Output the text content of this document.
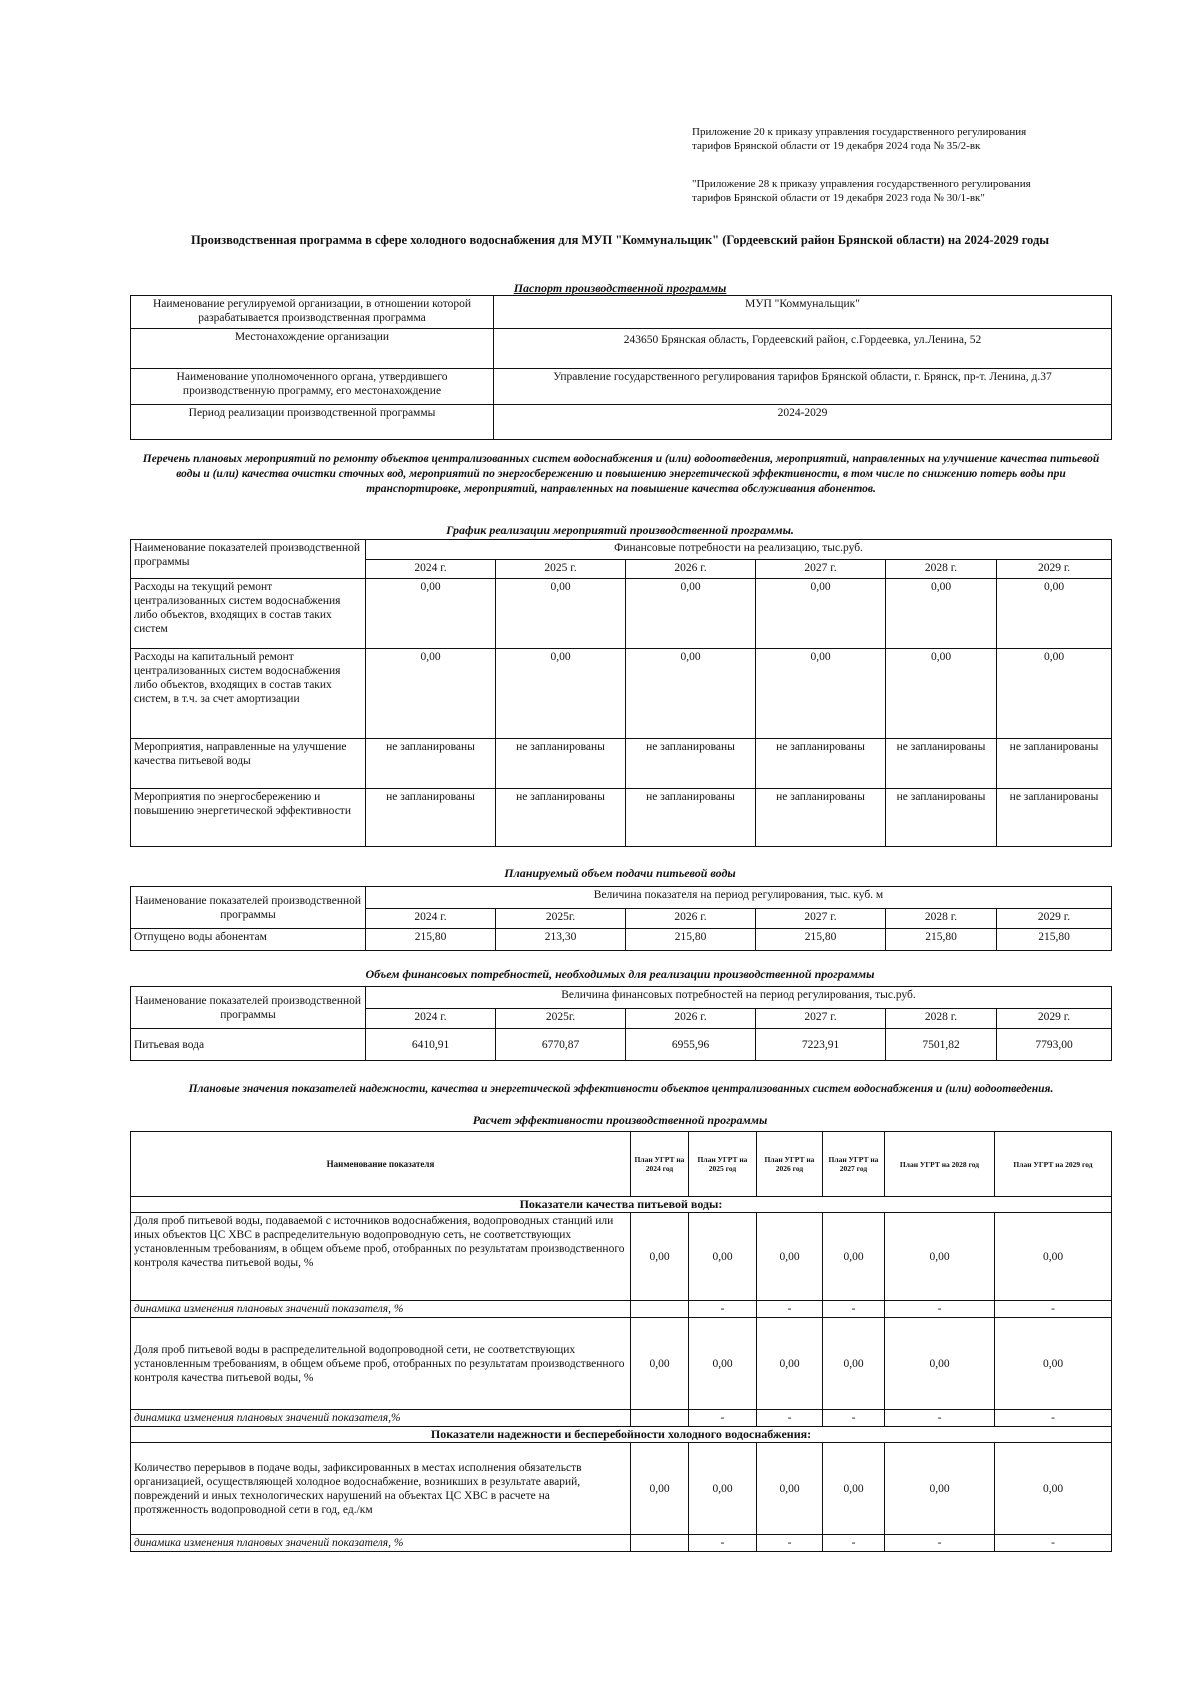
Приложение 20 к приказу управления государственного регулирования
тарифов Брянской области от 19 декабря 2024 года № 35/2-вк
"Приложение 28 к приказу управления государственного регулирования
тарифов Брянской области от 19 декабря 2023 года № 30/1-вк"
Производственная программа в сфере холодного водоснабжения для МУП "Коммунальщик" (Гордеевский район Брянской области) на 2024-2029 годы
Паспорт производственной программы
Наименование регулируемой организации, в отношении которой разрабатывается производственная программа	МУП "Коммунальщик"
Местонахождение организации	243650 Брянская область, Гордеевский район, с.Гордеевка, ул.Ленина, 52
Наименование уполномоченного органа, утвердившего производственную программу, его местонахождение	Управление государственного регулирования тарифов Брянской области, г. Брянск, пр-т. Ленина, д.37
Период реализации производственной программы	2024-2029
Перечень плановых мероприятий по ремонту объектов централизованных систем водоснабжения и (или) водоотведения, мероприятий, направленных на улучшение качества питьевой воды и (или) качества очистки сточных вод, мероприятий по энергосбережению и повышению энергетической эффективности, в том числе по снижению потерь воды при транспортировке, мероприятий, направленных на повышение качества обслуживания абонентов.
График реализации мероприятий производственной программы.
Наименование показателей производственной программы	Финансовые потребности на реализацию, тыс.руб.					
	2024 г.	2025 г.	2026 г.	2027 г.	2028 г.	2029 г.
Расходы на текущий ремонт централизованных систем водоснабжения либо объектов, входящих в состав таких систем	0,00	0,00	0,00	0,00	0,00	0,00
Расходы на капитальный ремонт централизованных систем водоснабжения либо объектов, входящих в состав таких систем, в т.ч. за счет амортизации	0,00	0,00	0,00	0,00	0,00	0,00
Мероприятия, направленные на улучшение качества питьевой воды	не запланированы	не запланированы	не запланированы	не запланированы	не запланированы	не запланированы
Мероприятия по энергосбережению и повышению энергетической эффективности	не запланированы	не запланированы	не запланированы	не запланированы	не запланированы	не запланированы
Планируемый объем подачи питьевой воды
Наименование показателей производственной программы	Величина показателя на период регулирования, тыс. куб. м					
	2024 г.	2025г.	2026 г.	2027 г.	2028 г.	2029 г.
Отпущено воды абонентам	215,80	213,30	215,80	215,80	215,80	215,80
Объем финансовых потребностей, необходимых для реализации производственной программы
Наименование показателей производственной программы	Величина финансовых потребностей на период регулирования, тыс.руб.					
	2024 г.	2025г.	2026 г.	2027 г.	2028 г.	2029 г.
Питьевая вода	6410,91	6770,87	6955,96	7223,91	7501,82	7793,00
Плановые значения показателей надежности, качества и энергетической эффективности объектов централизованных систем водоснабжения и (или) водоотведения.
Расчет эффективности производственной программы
Наименование показателя	План УГРТ на 2024 год	План УГРТ на 2025 год	План УГРТ на 2026 год	План УГРТ на 2027 год	План УГРТ на 2028 год	План УГРТ на 2029 год
Показатели качества питьевой воды:						
Доля проб питьевой воды, подаваемой с источников водоснабжения, водопроводных станций или иных объектов ЦС ХВС в распределительную водопроводную сеть, не соответствующих установленным требованиям, в общем объеме проб, отобранных по результатам производственного контроля качества питьевой воды, %	0,00	0,00	0,00	0,00	0,00	0,00
динамика изменения плановых значений показателя, %		-	-	-	-	-
Доля проб питьевой воды в распределительной водопроводной сети, не соответствующих установленным требованиям, в общем объеме проб, отобранных по результатам производственного контроля качества питьевой воды, %	0,00	0,00	0,00	0,00	0,00	0,00
динамика изменения плановых значений показателя,%		-	-	-	-	-
Показатели надежности и бесперебойности холодного водоснабжения:						
Количество перерывов в подаче воды, зафиксированных в местах исполнения обязательств организацией, осуществляющей холодное водоснабжение, возникших в результате аварий, повреждений и иных технологических нарушений на объектах ЦС ХВС в расчете на протяженность водопроводной сети в год, ед./км	0,00	0,00	0,00	0,00	0,00	0,00
динамика изменения плановых значений показателя, %		-	-	-	-	-
